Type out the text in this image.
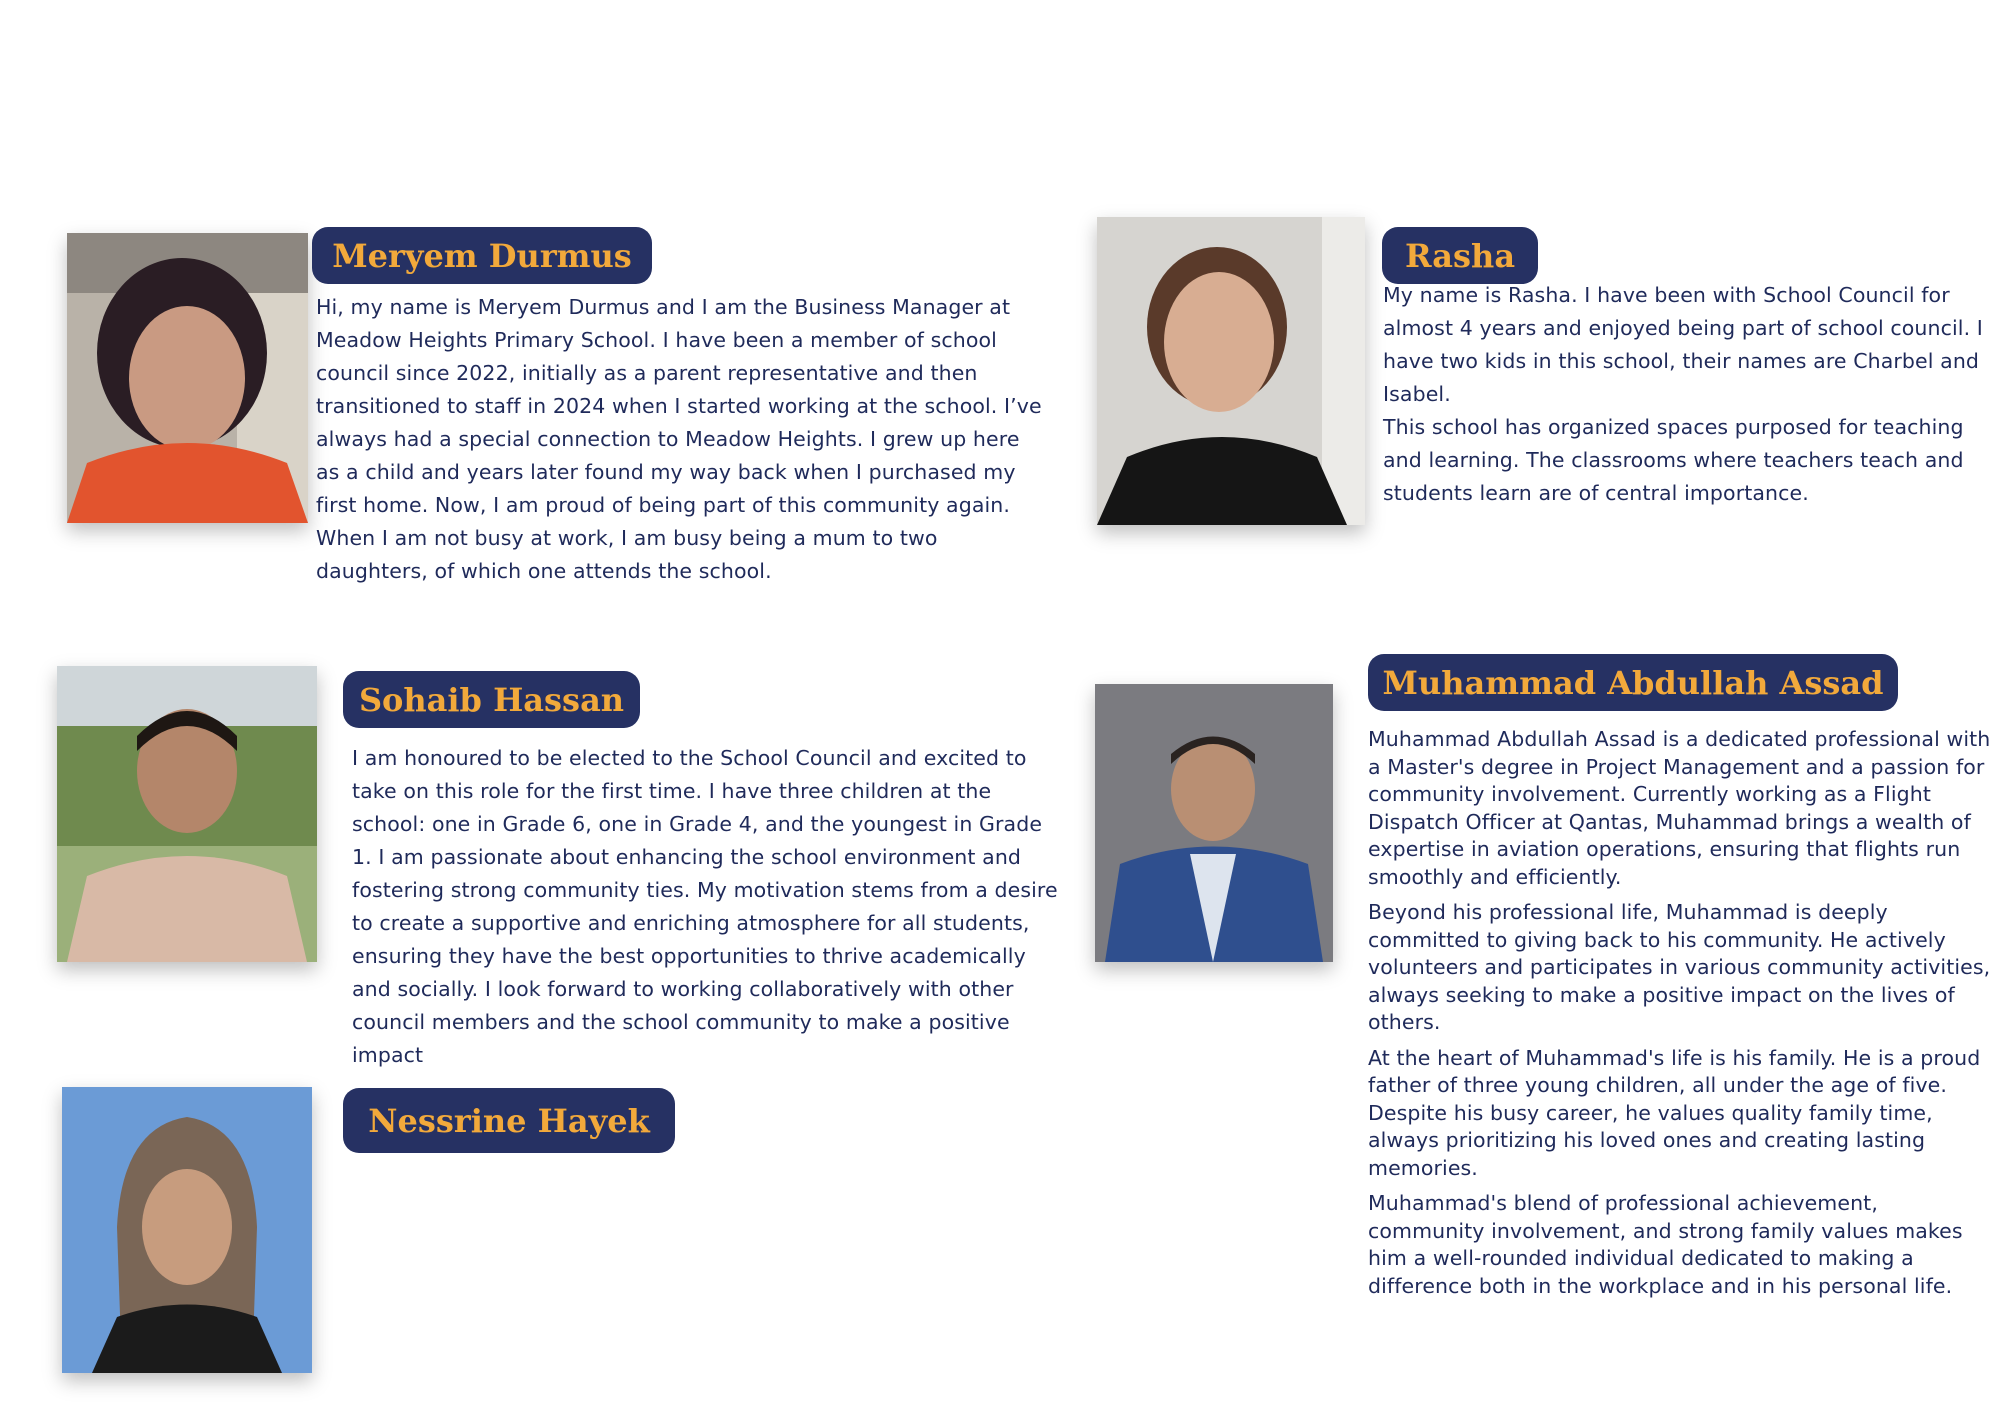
Meryem Durmus

Hi, my name is Meryem Durmus and I am the Business Manager at Meadow Heights Primary School. I have been a member of school council since 2022, initially as a parent representative and then transitioned to staff in 2024 when I started working at the school. I’ve always had a special connection to Meadow Heights. I grew up here as a child and years later found my way back when I purchased my first home. Now, I am proud of being part of this community again. When I am not busy at work, I am busy being a mum to two daughters, of which one attends the school.

Rasha

My name is Rasha. I have been with School Council for almost 4 years and enjoyed being part of school council. I have two kids in this school, their names are Charbel and Isabel.

This school has organized spaces purposed for teaching and learning. The classrooms where teachers teach and students learn are of central importance.

Sohaib Hassan

I am honoured to be elected to the School Council and excited to take on this role for the first time. I have three children at the school: one in Grade 6, one in Grade 4, and the youngest in Grade 1. I am passionate about enhancing the school environment and fostering strong community ties. My motivation stems from a desire to create a supportive and enriching atmosphere for all students, ensuring they have the best opportunities to thrive academically and socially. I look forward to working collaboratively with other council members and the school community to make a positive impact

Muhammad Abdullah Assad

Muhammad Abdullah Assad is a dedicated professional with a Master's degree in Project Management and a passion for community involvement. Currently working as a Flight Dispatch Officer at Qantas, Muhammad brings a wealth of expertise in aviation operations, ensuring that flights run smoothly and efficiently.

Beyond his professional life, Muhammad is deeply committed to giving back to his community. He actively volunteers and participates in various community activities, always seeking to make a positive impact on the lives of others.

At the heart of Muhammad's life is his family. He is a proud father of three young children, all under the age of five. Despite his busy career, he values quality family time, always prioritizing his loved ones and creating lasting memories.

Muhammad's blend of professional achievement, community involvement, and strong family values makes him a well-rounded individual dedicated to making a difference both in the workplace and in his personal life.

Nessrine Hayek
